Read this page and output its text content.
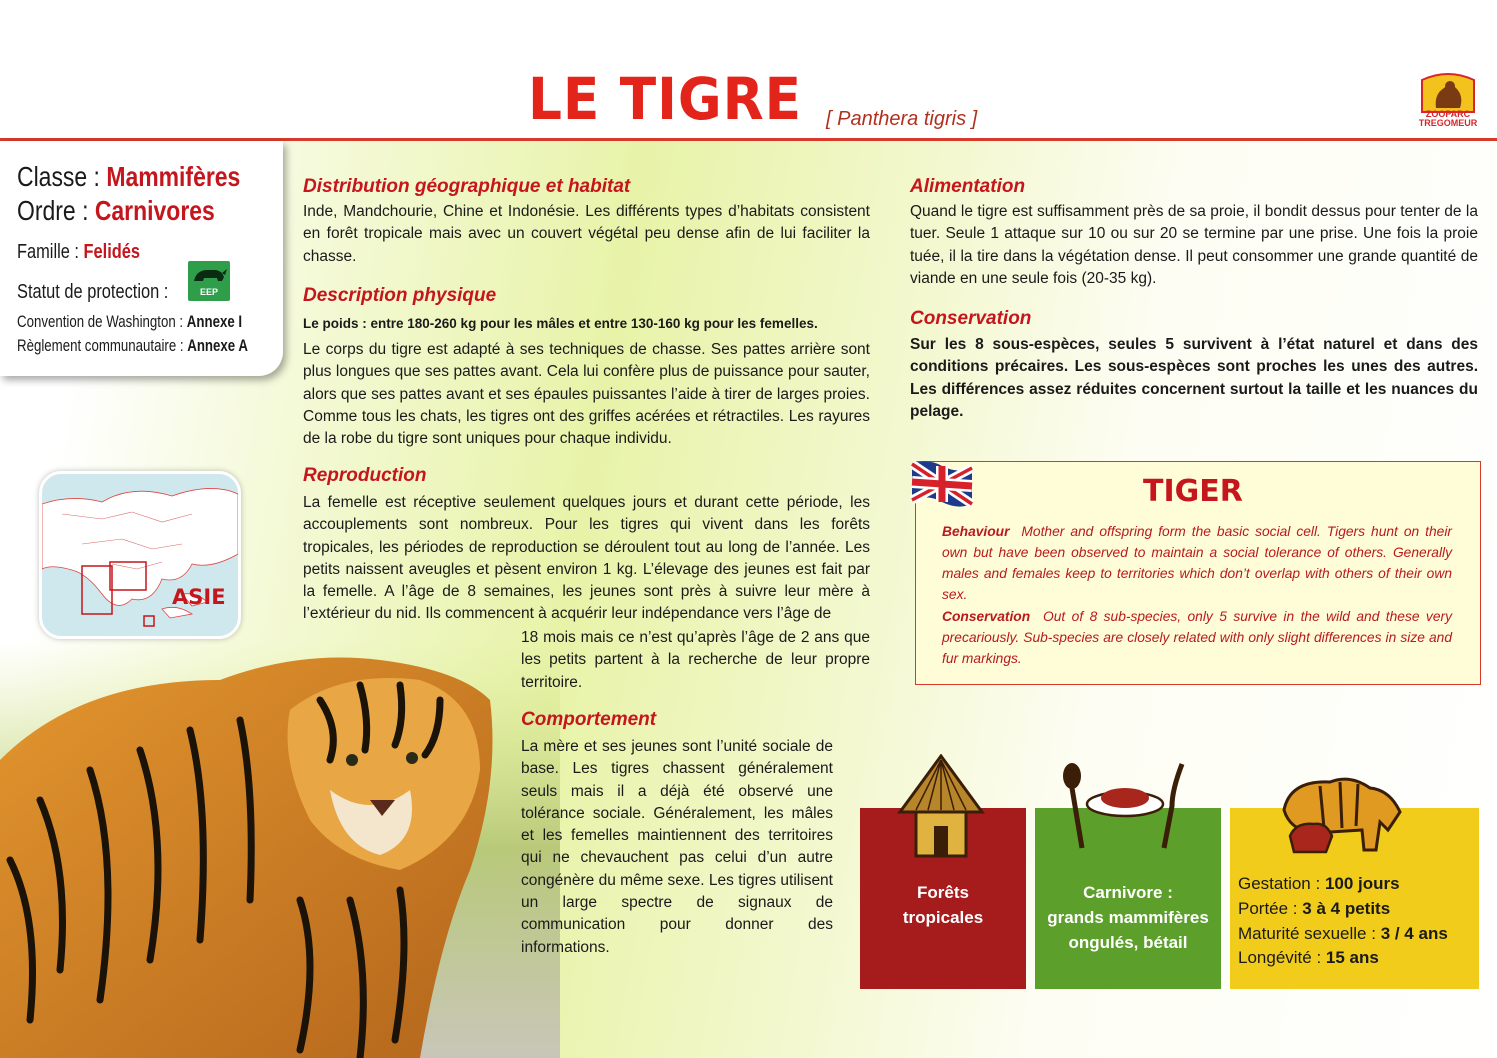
LE TIGRE [ Panthera tigris ]	ZOOPARC TREGOMEUR
Classe : Mammifères
Ordre : Carnivores
Famille : Felidés
Statut de protection :
Convention de Washington : Annexe I
Règlement communautaire : Annexe A
EEP
ASIE
Distribution géographique et habitat
Inde, Mandchourie, Chine et Indonésie. Les différents types d’habitats consistent en forêt tropicale mais avec un couvert végétal peu dense afin de lui faciliter la chasse.
Description physique
Le poids : entre 180-260 kg pour les mâles et entre 130-160 kg pour les femelles.
Le corps du tigre est adapté à ses techniques de chasse. Ses pattes arrière sont plus longues que ses pattes avant. Cela lui confère plus de puissance pour sauter, alors que ses pattes avant et ses épaules puissantes l’aide à tirer de larges proies. Comme tous les chats, les tigres ont des griffes acérées et rétractiles. Les rayures de la robe du tigre sont uniques pour chaque individu.
Reproduction
La femelle est réceptive seulement quelques jours et durant cette période, les accouplements sont nombreux. Pour les tigres qui vivent dans les forêts tropicales, les périodes de reproduction se déroulent tout au long de l’année. Les petits naissent aveugles et pèsent environ 1 kg. L’élevage des jeunes est fait par la femelle. A l’âge de 8 semaines, les jeunes sont près à suivre leur mère à l’extérieur du nid. Ils commencent à acquérir leur indépendance vers l’âge de
18 mois mais ce n’est qu’après l’âge de 2 ans que les petits partent à la recherche de leur propre territoire.
Comportement
La mère et ses jeunes sont l’unité sociale de base. Les tigres chassent généralement seuls mais il a déjà été observé une tolérance sociale. Généralement, les mâles et les femelles maintiennent des territoires qui ne chevauchent pas celui d’un autre congénère du même sexe. Les tigres utilisent un large spectre de signaux de communication pour donner des informations.
Alimentation
Quand le tigre est suffisamment près de sa proie, il bondit dessus pour tenter de la tuer. Seule 1 attaque sur 10 ou sur 20 se termine par une prise. Une fois la proie tuée, il la tire dans la végétation dense. Il peut consommer une grande quantité de viande en une seule fois (20-35 kg).
Conservation
Sur les 8 sous-espèces, seules 5 survivent à l’état naturel et dans des conditions précaires. Les sous-espèces sont proches les unes des autres. Les différences assez réduites concernent surtout la taille et les nuances du pelage.
TIGER
Behaviour Mother and offspring form the basic social cell. Tigers hunt on their own but have been observed to maintain a social tolerance of others. Generally males and females keep to territories which don’t overlap with others of their own sex.
Conservation Out of 8 sub-species, only 5 survive in the wild and these very precariously. Sub-species are closely related with only slight differences in size and fur markings.
Forêts
tropicales
Carnivore :
grands mammifères
ongulés, bétail
Gestation : 100 jours
Portée : 3 à 4 petits
Maturité sexuelle : 3 / 4 ans
Longévité : 15 ans
